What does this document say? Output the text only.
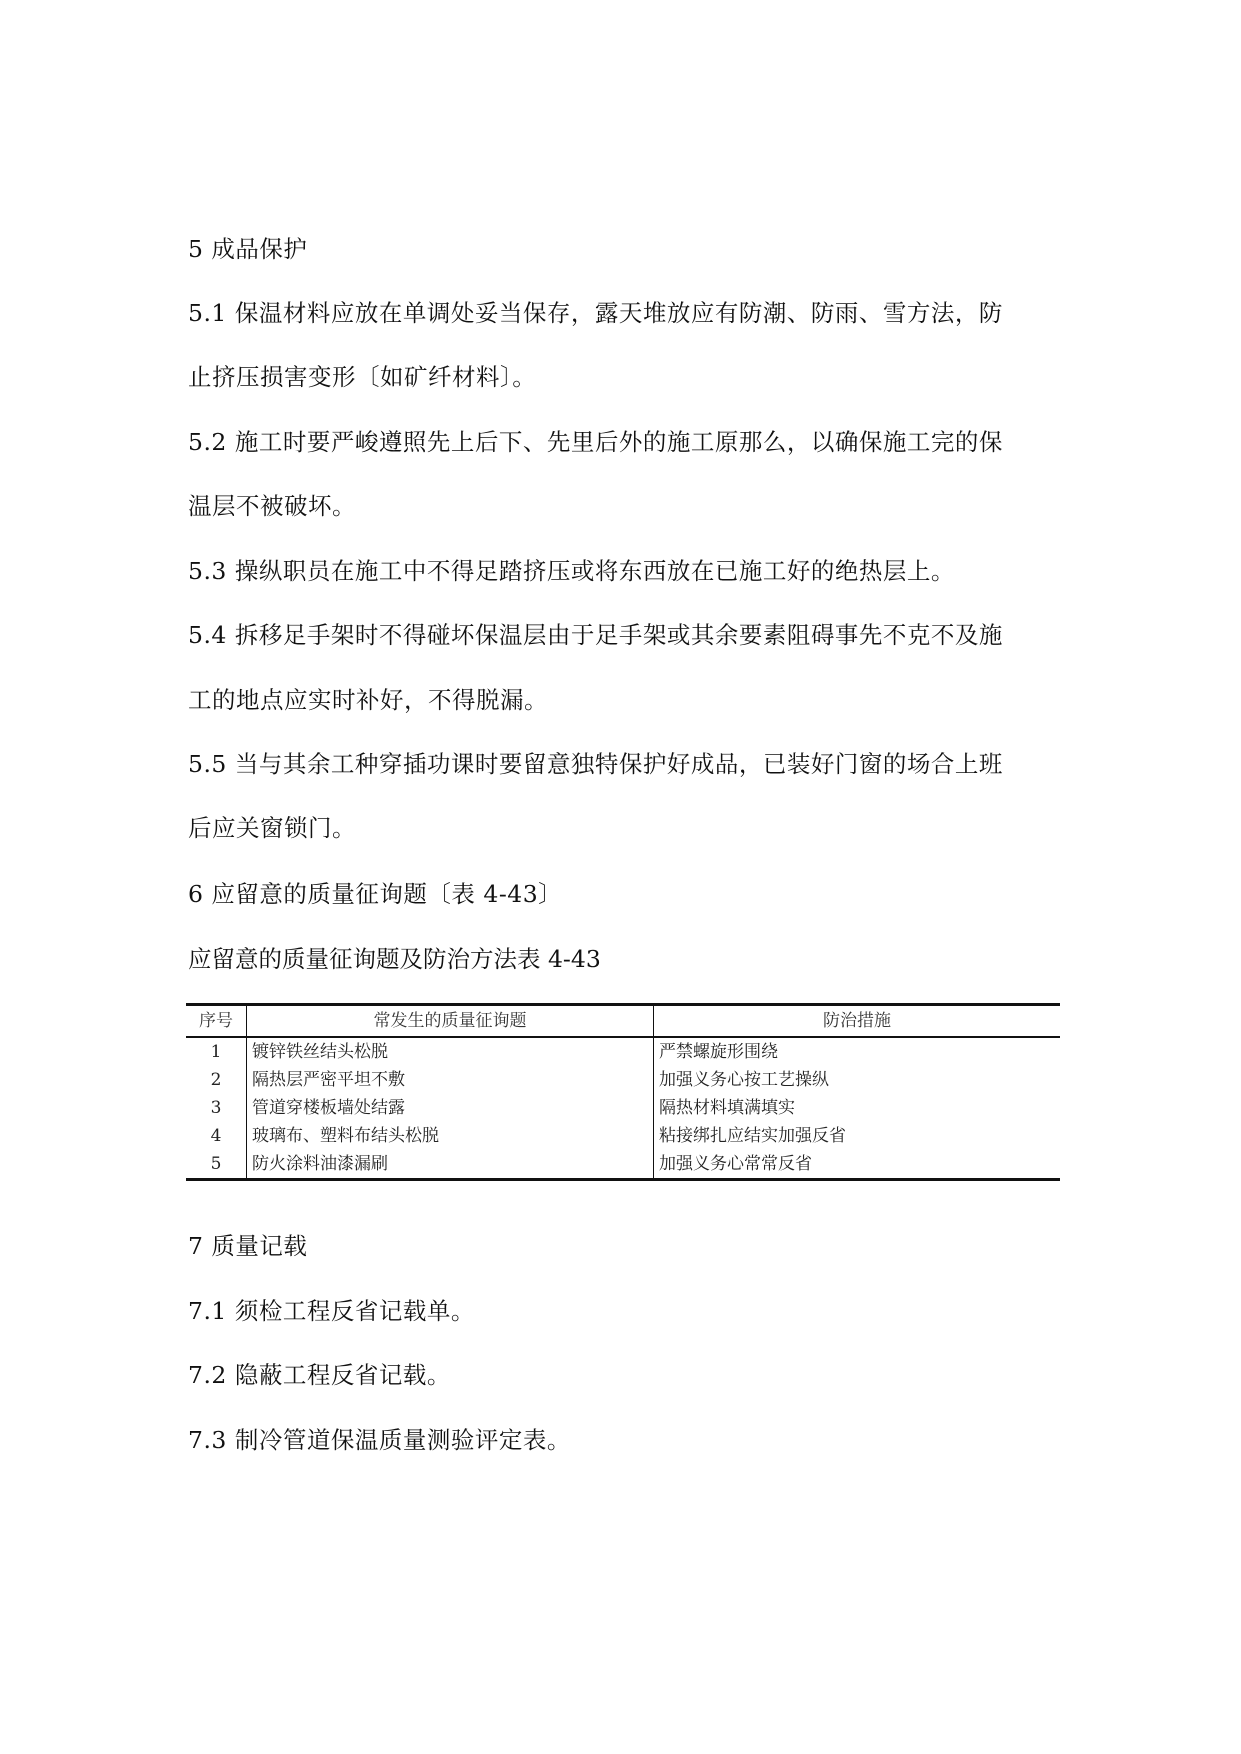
5 成品保护
5.1 保温材料应放在单调处妥当保存，露天堆放应有防潮、防雨、雪方法，防
止挤压损害变形〔如矿纤材料〕。
5.2 施工时要严峻遵照先上后下、先里后外的施工原那么，以确保施工完的保
温层不被破坏。
5.3 操纵职员在施工中不得足踏挤压或将东西放在已施工好的绝热层上。
5.4 拆移足手架时不得碰坏保温层由于足手架或其余要素阻碍事先不克不及施
工的地点应实时补好，不得脱漏。
5.5 当与其余工种穿插功课时要留意独特保护好成品，已装好门窗的场合上班
后应关窗锁门。
6 应留意的质量征询题〔表 4-43〕
应留意的质量征询题及防治方法表 4-43
序号	常发生的质量征询题	防治措施
1	镀锌铁丝结头松脱	严禁螺旋形围绕
2	隔热层严密平坦不敷	加强义务心按工艺操纵
3	管道穿楼板墙处结露	隔热材料填满填实
4	玻璃布、塑料布结头松脱	粘接绑扎应结实加强反省
5	防火涂料油漆漏刷	加强义务心常常反省
7 质量记载
7.1 须检工程反省记载单。
7.2 隐蔽工程反省记载。
7.3 制冷管道保温质量测验评定表。
